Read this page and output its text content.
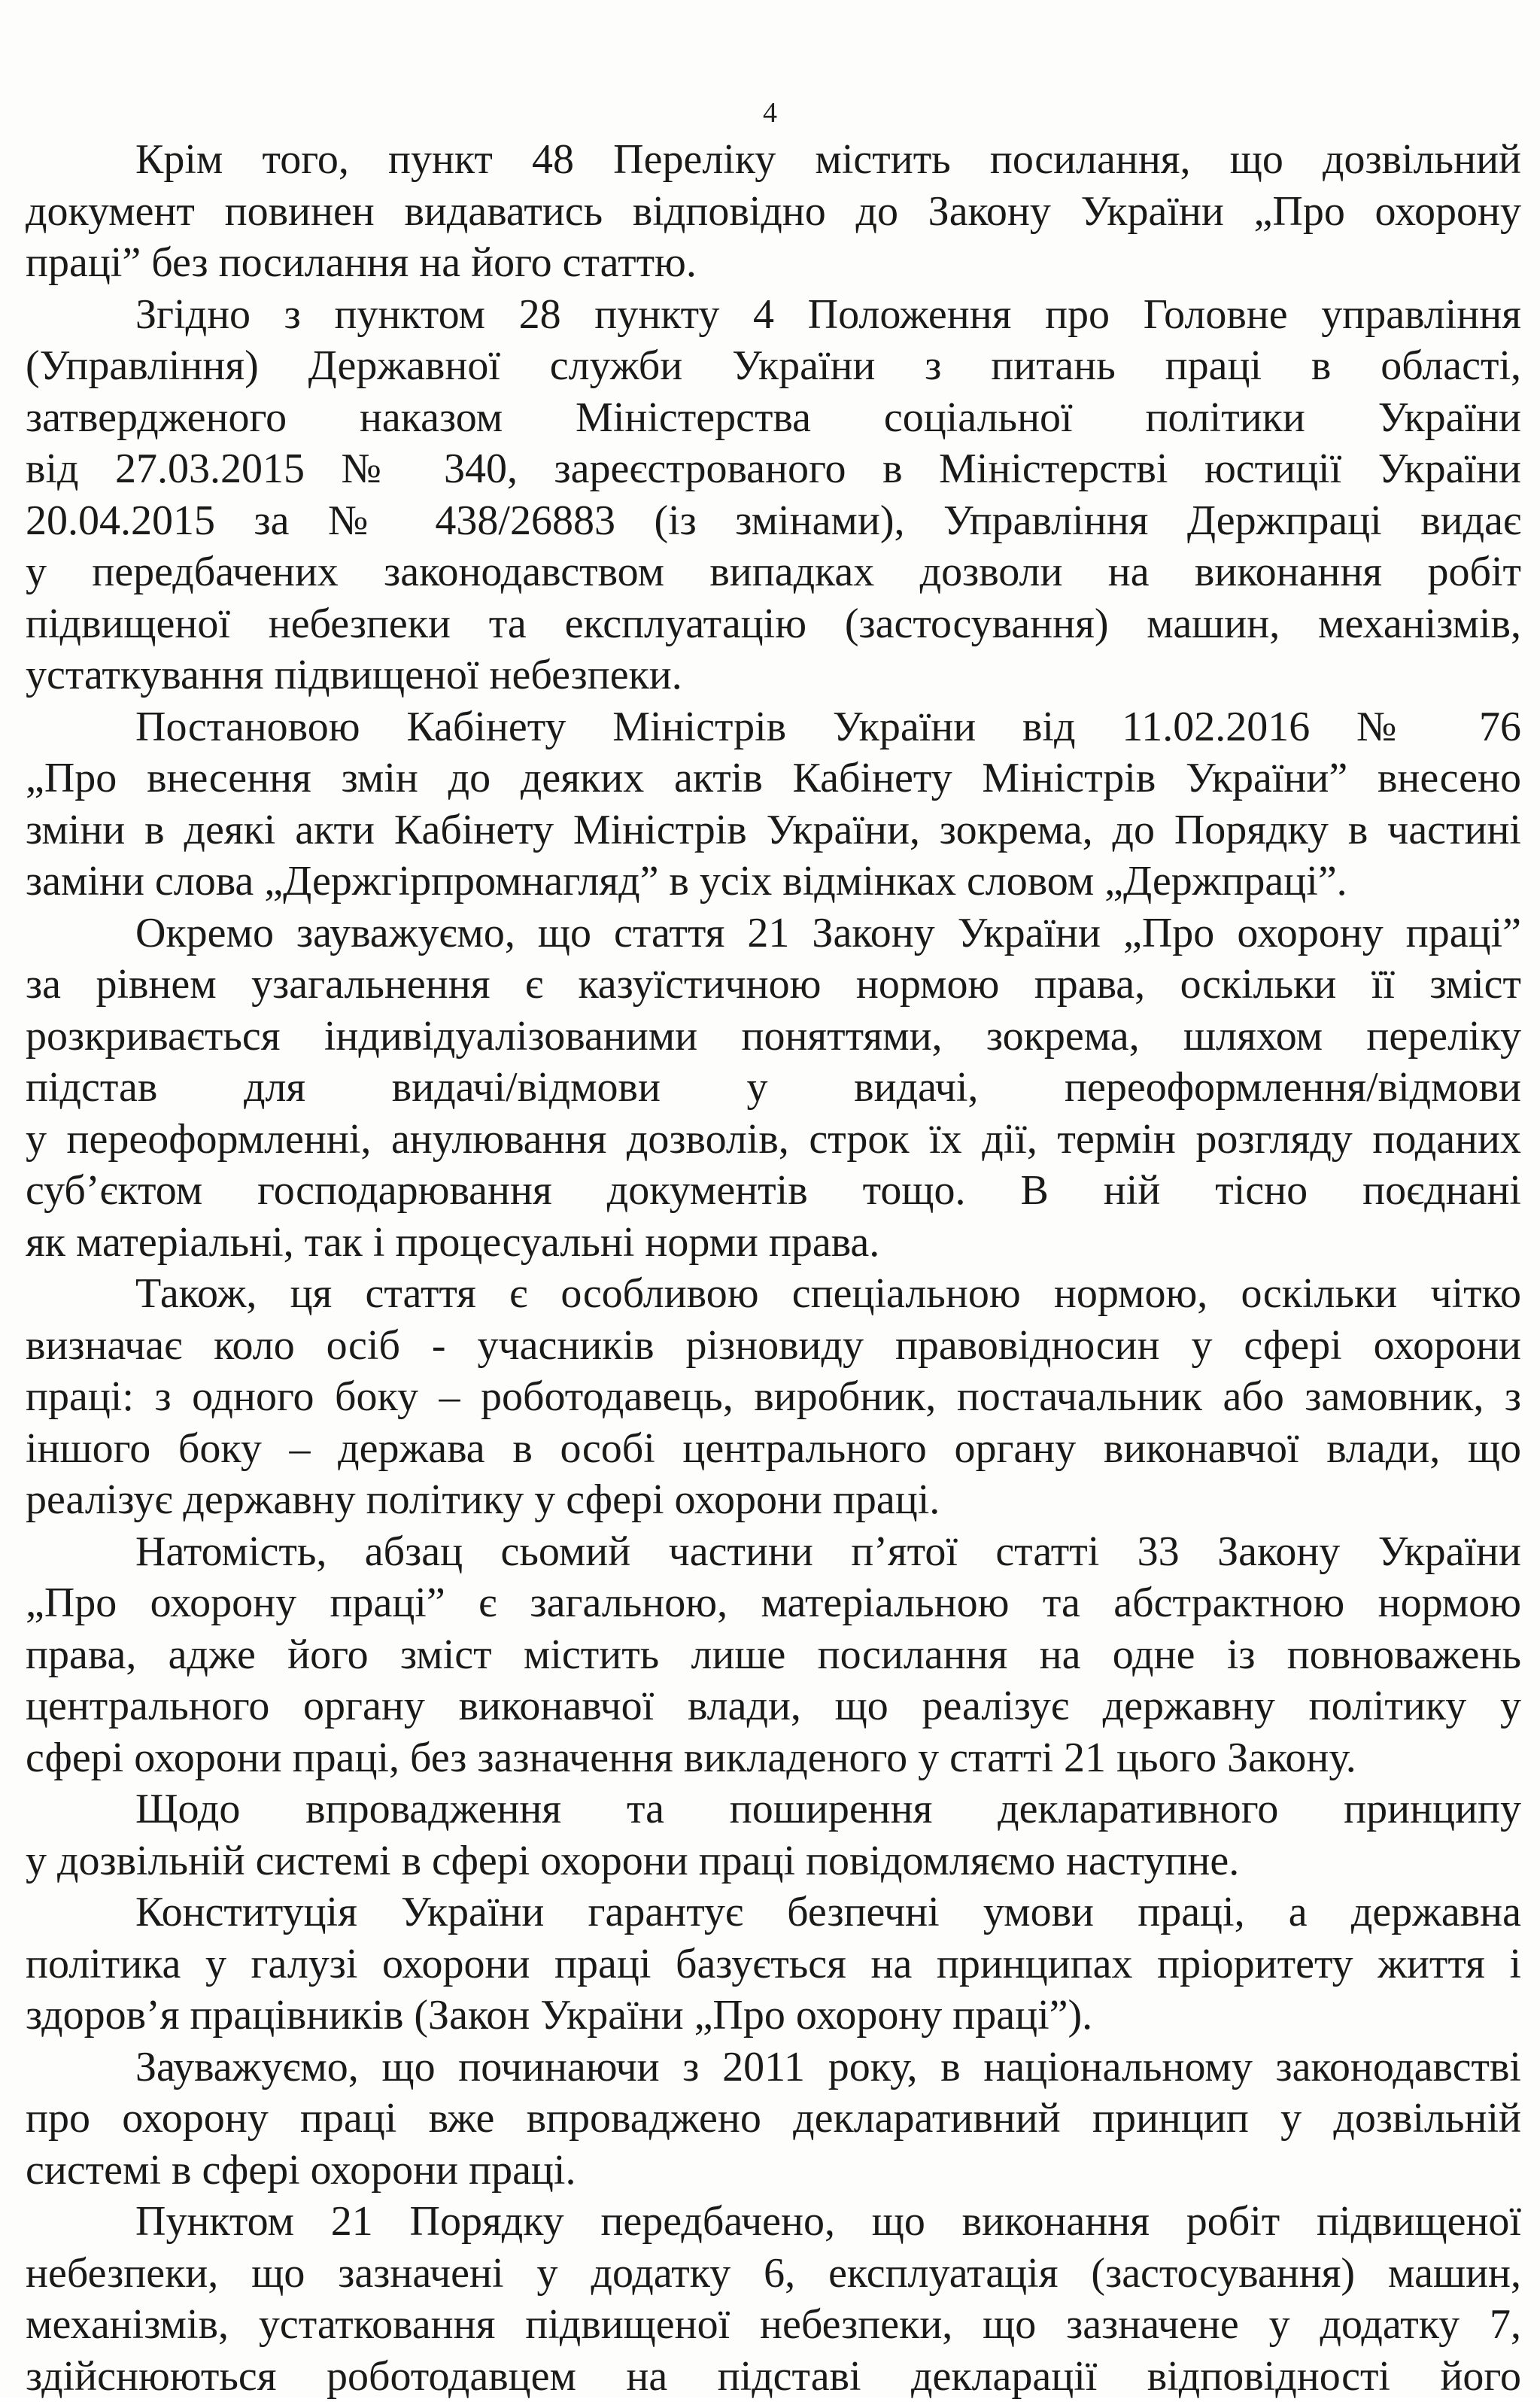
4
Крім того, пункт 48 Переліку містить посилання, що дозвільний
документ повинен видаватись відповідно до Закону України „Про охорону
праці” без посилання на його статтю.
Згідно з пунктом 28 пункту 4 Положення про Головне управління
(Управління) Державної служби України з питань праці в області,
затвердженого наказом Міністерства соціальної політики України
від 27.03.2015 № 340, зареєстрованого в Міністерстві юстиції України
20.04.2015 за № 438/26883 (із змінами), Управління Держпраці видає
у передбачених законодавством випадках дозволи на виконання робіт
підвищеної небезпеки та експлуатацію (застосування) машин, механізмів,
устаткування підвищеної небезпеки.
Постановою Кабінету Міністрів України від 11.02.2016 № 76
„Про внесення змін до деяких актів Кабінету Міністрів України” внесено
зміни в деякі акти Кабінету Міністрів України, зокрема, до Порядку в частині
заміни слова „Держгірпромнагляд” в усіх відмінках словом „Держпраці”.
Окремо зауважуємо, що стаття 21 Закону України „Про охорону праці”
за рівнем узагальнення є казуїстичною нормою права, оскільки її зміст
розкривається індивідуалізованими поняттями, зокрема, шляхом переліку
підстав для видачі/відмови у видачі, переоформлення/відмови
у переоформленні, анулювання дозволів, строк їх дії, термін розгляду поданих
суб’єктом господарювання документів тощо. В ній тісно поєднані
як матеріальні, так і процесуальні норми права.
Також, ця стаття є особливою спеціальною нормою, оскільки чітко
визначає коло осіб - учасників різновиду правовідносин у сфері охорони
праці: з одного боку – роботодавець, виробник, постачальник або замовник, з
іншого боку – держава в особі центрального органу виконавчої влади, що
реалізує державну політику у сфері охорони праці.
Натомість, абзац сьомий частини п’ятої статті 33 Закону України
„Про охорону праці” є загальною, матеріальною та абстрактною нормою
права, адже його зміст містить лише посилання на одне із повноважень
центрального органу виконавчої влади, що реалізує державну політику у
сфері охорони праці, без зазначення викладеного у статті 21 цього Закону.
Щодо впровадження та поширення декларативного принципу
у дозвільній системі в сфері охорони праці повідомляємо наступне.
Конституція України гарантує безпечні умови праці, а державна
політика у галузі охорони праці базується на принципах пріоритету життя і
здоров’я працівників (Закон України „Про охорону праці”).
Зауважуємо, що починаючи з 2011 року, в національному законодавстві
про охорону праці вже впроваджено декларативний принцип у дозвільній
системі в сфері охорони праці.
Пунктом 21 Порядку передбачено, що виконання робіт підвищеної
небезпеки, що зазначені у додатку 6, експлуатація (застосування) машин,
механізмів, устатковання підвищеної небезпеки, що зазначене у додатку 7,
здійснюються роботодавцем на підставі декларації відповідності його
